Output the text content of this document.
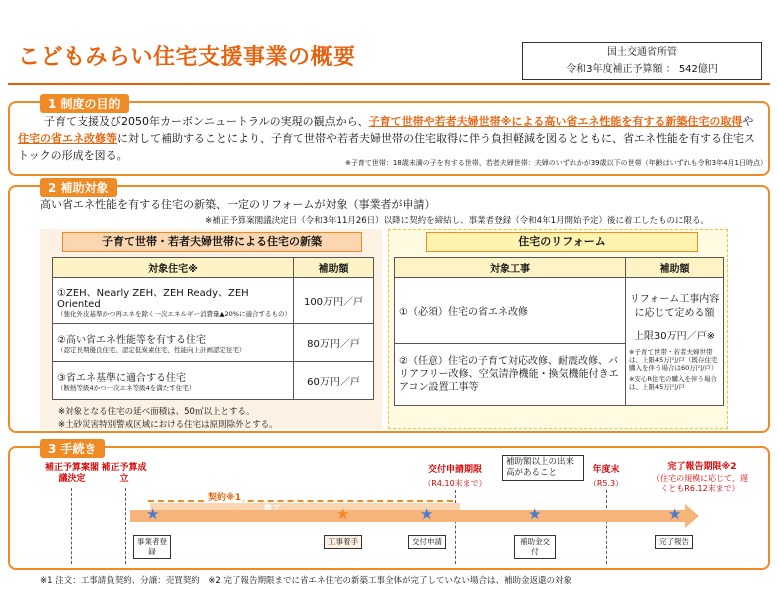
こどもみらい住宅支援事業の概要	国土交通省所管
令和3年度補正予算額 ： 542億円
1 制度の目的
子育て支援及び2050年カーボンニュートラルの実現の観点から、子育て世帯や若者夫婦世帯※による高い省エネ性能を有する新築住宅の取得や住宅の省エネ改修等に対して補助することにより、子育て世帯や若者夫婦世帯の住宅取得に伴う負担軽減を図るとともに、省エネ性能を有する住宅ストックの形成を図る。
※子育て世帯：18歳未満の子を有する世帯、若者夫婦世帯：夫婦のいずれかが39歳以下の世帯（年齢はいずれも令和3年4月1日時点）
2 補助対象
高い省エネ性能を有する住宅の新築、一定のリフォームが対象（事業者が申請）
※補正予算案閣議決定日（令和3年11月26日）以降に契約を締結し、事業者登録（令和4年1月開始予定）後に着工したものに限る。
子育て世帯・若者夫婦世帯による住宅の新築
対象住宅※	補助額
①ZEH、Nearly ZEH、ZEH Ready、ZEH Oriented
（強化外皮基準かつ再エネを除く一次エネルギー消費量▲20%に適合するもの）	100万円／戸
②高い省エネ性能等を有する住宅
（認定長期優良住宅、認定低炭素住宅、性能向上計画認定住宅）	80万円／戸
③省エネ基準に適合する住宅
（断熱等級4かつ一次エネ等級4を満たす住宅）	60万円／戸
※対象となる住宅の延べ面積は、50㎡以上とする。
※土砂災害特別警戒区域における住宅は原則除外とする。
住宅のリフォーム
対象工事	補助額
①（必須）住宅の省エネ改修	リフォーム工事内容に応じて定める額
上限30万円／戸※
※子育て世帯・若者夫婦世帯は、上限45万円/戸（既存住宅購入を伴う場合は60万円/戸）
※安心R住宅の購入を伴う場合は、上限45万円/戸

②（任意）住宅の子育て対応改修、耐震改修、バリアフリー改修、空気清浄機能・換気機能付きエアコン設置工事等	
3 手続き
補正予算案閣議決定
補正予算成立
交付申請期限
（R4.10末まで）
補助額以上の出来高があること	年度末
（R5.3）
完了報告期限※2
（住宅の規模に応じて、遅くともR6.12末まで）
契約※1
★	★	★	★	★
事業者登録
工事着手	交付申請	補助金交付
完了報告
※1 注文：工事請負契約、分譲：売買契約　※2 完了報告期限までに省エネ住宅の新築工事全体が完了していない場合は、補助金返還の対象
